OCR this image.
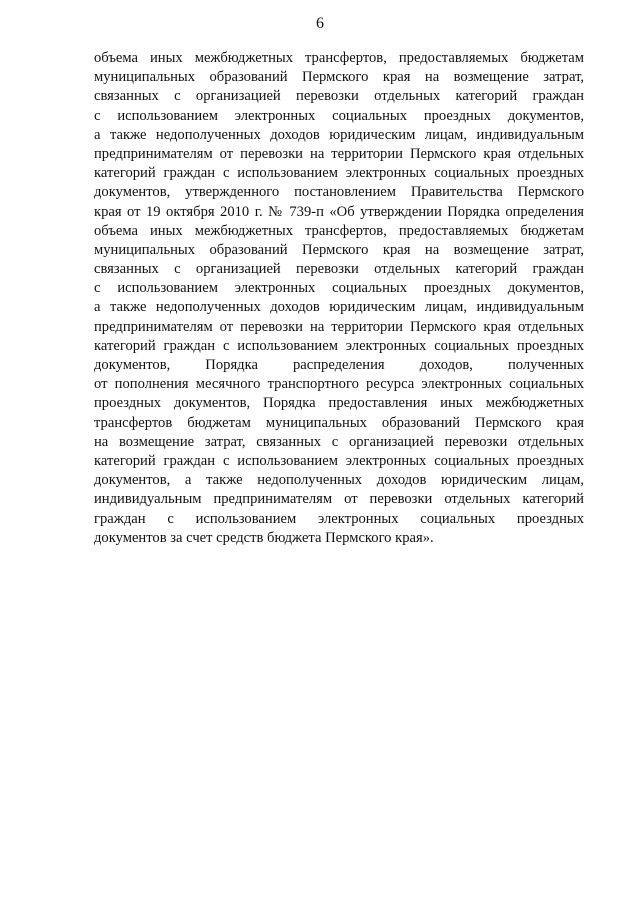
6
объема иных межбюджетных трансфертов, предоставляемых бюджетам
муниципальных образований Пермского края на возмещение затрат,
связанных с организацией перевозки отдельных категорий граждан
с использованием электронных социальных проездных документов,
а также недополученных доходов юридическим лицам, индивидуальным
предпринимателям от перевозки на территории Пермского края отдельных
категорий граждан с использованием электронных социальных проездных
документов, утвержденного постановлением Правительства Пермского
края от 19 октября 2010 г. № 739-п «Об утверждении Порядка определения
объема иных межбюджетных трансфертов, предоставляемых бюджетам
муниципальных образований Пермского края на возмещение затрат,
связанных с организацией перевозки отдельных категорий граждан
с использованием электронных социальных проездных документов,
а также недополученных доходов юридическим лицам, индивидуальным
предпринимателям от перевозки на территории Пермского края отдельных
категорий граждан с использованием электронных социальных проездных
документов, Порядка распределения доходов, полученных
от пополнения месячного транспортного ресурса электронных социальных
проездных документов, Порядка предоставления иных межбюджетных
трансфертов бюджетам муниципальных образований Пермского края
на возмещение затрат, связанных с организацией перевозки отдельных
категорий граждан с использованием электронных социальных проездных
документов, а также недополученных доходов юридическим лицам,
индивидуальным предпринимателям от перевозки отдельных категорий
граждан с использованием электронных социальных проездных
документов за счет средств бюджета Пермского края».
